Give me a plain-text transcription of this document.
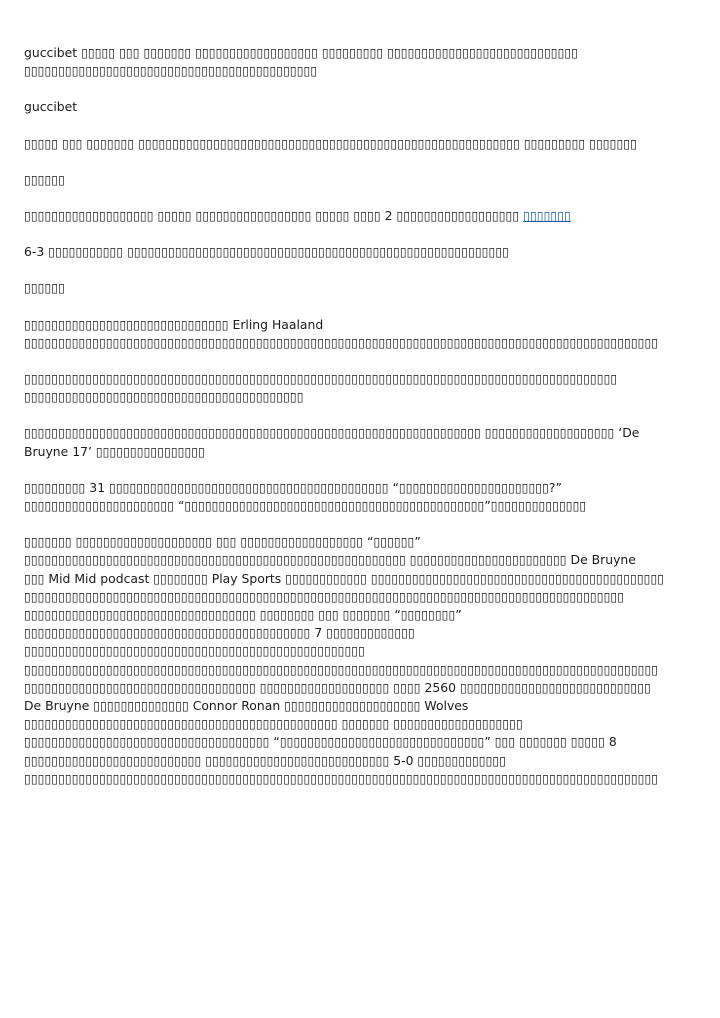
guccibet ▯▯▯▯▯ ▯▯▯ ▯▯▯▯▯▯▯ ▯▯▯▯▯▯▯▯▯▯▯▯▯▯▯▯▯▯ ▯▯▯▯▯▯▯▯▯ ▯▯▯▯▯▯▯▯▯▯▯▯▯▯▯▯▯▯▯▯▯▯▯▯▯▯▯▯
▯▯▯▯▯▯▯▯▯▯▯▯▯▯▯▯▯▯▯▯▯▯▯▯▯▯▯▯▯▯▯▯▯▯▯▯▯▯▯▯▯▯▯

guccibet

▯▯▯▯▯ ▯▯▯ ▯▯▯▯▯▯▯ ▯▯▯▯▯▯▯▯▯▯▯▯▯▯▯▯▯▯▯▯▯▯▯▯▯▯▯▯▯▯▯▯▯▯▯▯▯▯▯▯▯▯▯▯▯▯▯▯▯▯▯▯▯▯▯▯ ▯▯▯▯▯▯▯▯▯ ▯▯▯▯▯▯▯

▯▯▯▯▯▯

▯▯▯▯▯▯▯▯▯▯▯▯▯▯▯▯▯▯▯ ▯▯▯▯▯ ▯▯▯▯▯▯▯▯▯▯▯▯▯▯▯▯▯ ▯▯▯▯▯ ▯▯▯▯ 2 ▯▯▯▯▯▯▯▯▯▯▯▯▯▯▯▯▯▯ ▯▯▯▯▯▯▯

6-3 ▯▯▯▯▯▯▯▯▯▯▯ ▯▯▯▯▯▯▯▯▯▯▯▯▯▯▯▯▯▯▯▯▯▯▯▯▯▯▯▯▯▯▯▯▯▯▯▯▯▯▯▯▯▯▯▯▯▯▯▯▯▯▯▯▯▯▯▯

▯▯▯▯▯▯

▯▯▯▯▯▯▯▯▯▯▯▯▯▯▯▯▯▯▯▯▯▯▯▯▯▯▯▯▯▯ Erling Haaland
▯▯▯▯▯▯▯▯▯▯▯▯▯▯▯▯▯▯▯▯▯▯▯▯▯▯▯▯▯▯▯▯▯▯▯▯▯▯▯▯▯▯▯▯▯▯▯▯▯▯▯▯▯▯▯▯▯▯▯▯▯▯▯▯▯▯▯▯▯▯▯▯▯▯▯▯▯▯▯▯▯▯▯▯▯▯▯▯▯▯▯▯▯

▯▯▯▯▯▯▯▯▯▯▯▯▯▯▯▯▯▯▯▯▯▯▯▯▯▯▯▯▯▯▯▯▯▯▯▯▯▯▯▯▯▯▯▯▯▯▯▯▯▯▯▯▯▯▯▯▯▯▯▯▯▯▯▯▯▯▯▯▯▯▯▯▯▯▯▯▯▯▯▯▯▯▯▯▯▯▯
▯▯▯▯▯▯▯▯▯▯▯▯▯▯▯▯▯▯▯▯▯▯▯▯▯▯▯▯▯▯▯▯▯▯▯▯▯▯▯▯▯

▯▯▯▯▯▯▯▯▯▯▯▯▯▯▯▯▯▯▯▯▯▯▯▯▯▯▯▯▯▯▯▯▯▯▯▯▯▯▯▯▯▯▯▯▯▯▯▯▯▯▯▯▯▯▯▯▯▯▯▯▯▯▯▯▯▯▯ ▯▯▯▯▯▯▯▯▯▯▯▯▯▯▯▯▯▯▯ ‘De
Bruyne 17’ ▯▯▯▯▯▯▯▯▯▯▯▯▯▯▯▯

▯▯▯▯▯▯▯▯▯ 31 ▯▯▯▯▯▯▯▯▯▯▯▯▯▯▯▯▯▯▯▯▯▯▯▯▯▯▯▯▯▯▯▯▯▯▯▯▯▯▯▯▯ “▯▯▯▯▯▯▯▯▯▯▯▯▯▯▯▯▯▯▯▯▯▯?”
▯▯▯▯▯▯▯▯▯▯▯▯▯▯▯▯▯▯▯▯▯▯ “▯▯▯▯▯▯▯▯▯▯▯▯▯▯▯▯▯▯▯▯▯▯▯▯▯▯▯▯▯▯▯▯▯▯▯▯▯▯▯▯▯▯▯▯”▯▯▯▯▯▯▯▯▯▯▯▯▯▯

▯▯▯▯▯▯▯ ▯▯▯▯▯▯▯▯▯▯▯▯▯▯▯▯▯▯▯▯ ▯▯▯ ▯▯▯▯▯▯▯▯▯▯▯▯▯▯▯▯▯▯ “▯▯▯▯▯▯”
▯▯▯▯▯▯▯▯▯▯▯▯▯▯▯▯▯▯▯▯▯▯▯▯▯▯▯▯▯▯▯▯▯▯▯▯▯▯▯▯▯▯▯▯▯▯▯▯▯▯▯▯▯▯▯▯ ▯▯▯▯▯▯▯▯▯▯▯▯▯▯▯▯▯▯▯▯▯▯▯ De Bruyne
▯▯▯ Mid Mid podcast ▯▯▯▯▯▯▯▯ Play Sports ▯▯▯▯▯▯▯▯▯▯▯▯ ▯▯▯▯▯▯▯▯▯▯▯▯▯▯▯▯▯▯▯▯▯▯▯▯▯▯▯▯▯▯▯▯▯▯▯▯▯▯▯▯▯▯▯
▯▯▯▯▯▯▯▯▯▯▯▯▯▯▯▯▯▯▯▯▯▯▯▯▯▯▯▯▯▯▯▯▯▯▯▯▯▯▯▯▯▯▯▯▯▯▯▯▯▯▯▯▯▯▯▯▯▯▯▯▯▯▯▯▯▯▯▯▯▯▯▯▯▯▯▯▯▯▯▯▯▯▯▯▯▯▯▯
▯▯▯▯▯▯▯▯▯▯▯▯▯▯▯▯▯▯▯▯▯▯▯▯▯▯▯▯▯▯▯▯▯▯ ▯▯▯▯▯▯▯▯ ▯▯▯ ▯▯▯▯▯▯▯ “▯▯▯▯▯▯▯▯”
▯▯▯▯▯▯▯▯▯▯▯▯▯▯▯▯▯▯▯▯▯▯▯▯▯▯▯▯▯▯▯▯▯▯▯▯▯▯▯▯▯▯ 7 ▯▯▯▯▯▯▯▯▯▯▯▯▯
▯▯▯▯▯▯▯▯▯▯▯▯▯▯▯▯▯▯▯▯▯▯▯▯▯▯▯▯▯▯▯▯▯▯▯▯▯▯▯▯▯▯▯▯▯▯▯▯▯▯
▯▯▯▯▯▯▯▯▯▯▯▯▯▯▯▯▯▯▯▯▯▯▯▯▯▯▯▯▯▯▯▯▯▯▯▯▯▯▯▯▯▯▯▯▯▯▯▯▯▯▯▯▯▯▯▯▯▯▯▯▯▯▯▯▯▯▯▯▯▯▯▯▯▯▯▯▯▯▯▯▯▯▯▯▯▯▯▯▯▯▯▯▯
▯▯▯▯▯▯▯▯▯▯▯▯▯▯▯▯▯▯▯▯▯▯▯▯▯▯▯▯▯▯▯▯▯▯ ▯▯▯▯▯▯▯▯▯▯▯▯▯▯▯▯▯▯▯ ▯▯▯▯ 2560 ▯▯▯▯▯▯▯▯▯▯▯▯▯▯▯▯▯▯▯▯▯▯▯▯▯▯▯▯
De Bruyne ▯▯▯▯▯▯▯▯▯▯▯▯▯▯ Connor Ronan ▯▯▯▯▯▯▯▯▯▯▯▯▯▯▯▯▯▯▯▯ Wolves
▯▯▯▯▯▯▯▯▯▯▯▯▯▯▯▯▯▯▯▯▯▯▯▯▯▯▯▯▯▯▯▯▯▯▯▯▯▯▯▯▯▯▯▯▯▯ ▯▯▯▯▯▯▯ ▯▯▯▯▯▯▯▯▯▯▯▯▯▯▯▯▯▯▯
▯▯▯▯▯▯▯▯▯▯▯▯▯▯▯▯▯▯▯▯▯▯▯▯▯▯▯▯▯▯▯▯▯▯▯▯ “▯▯▯▯▯▯▯▯▯▯▯▯▯▯▯▯▯▯▯▯▯▯▯▯▯▯▯▯▯▯” ▯▯▯ ▯▯▯▯▯▯▯ ▯▯▯▯▯ 8
▯▯▯▯▯▯▯▯▯▯▯▯▯▯▯▯▯▯▯▯▯▯▯▯▯▯ ▯▯▯▯▯▯▯▯▯▯▯▯▯▯▯▯▯▯▯▯▯▯▯▯▯▯▯ 5-0 ▯▯▯▯▯▯▯▯▯▯▯▯▯
▯▯▯▯▯▯▯▯▯▯▯▯▯▯▯▯▯▯▯▯▯▯▯▯▯▯▯▯▯▯▯▯▯▯▯▯▯▯▯▯▯▯▯▯▯▯▯▯▯▯▯▯▯▯▯▯▯▯▯▯▯▯▯▯▯▯▯▯▯▯▯▯▯▯▯▯▯▯▯▯▯▯▯▯▯▯▯▯▯▯▯▯▯
